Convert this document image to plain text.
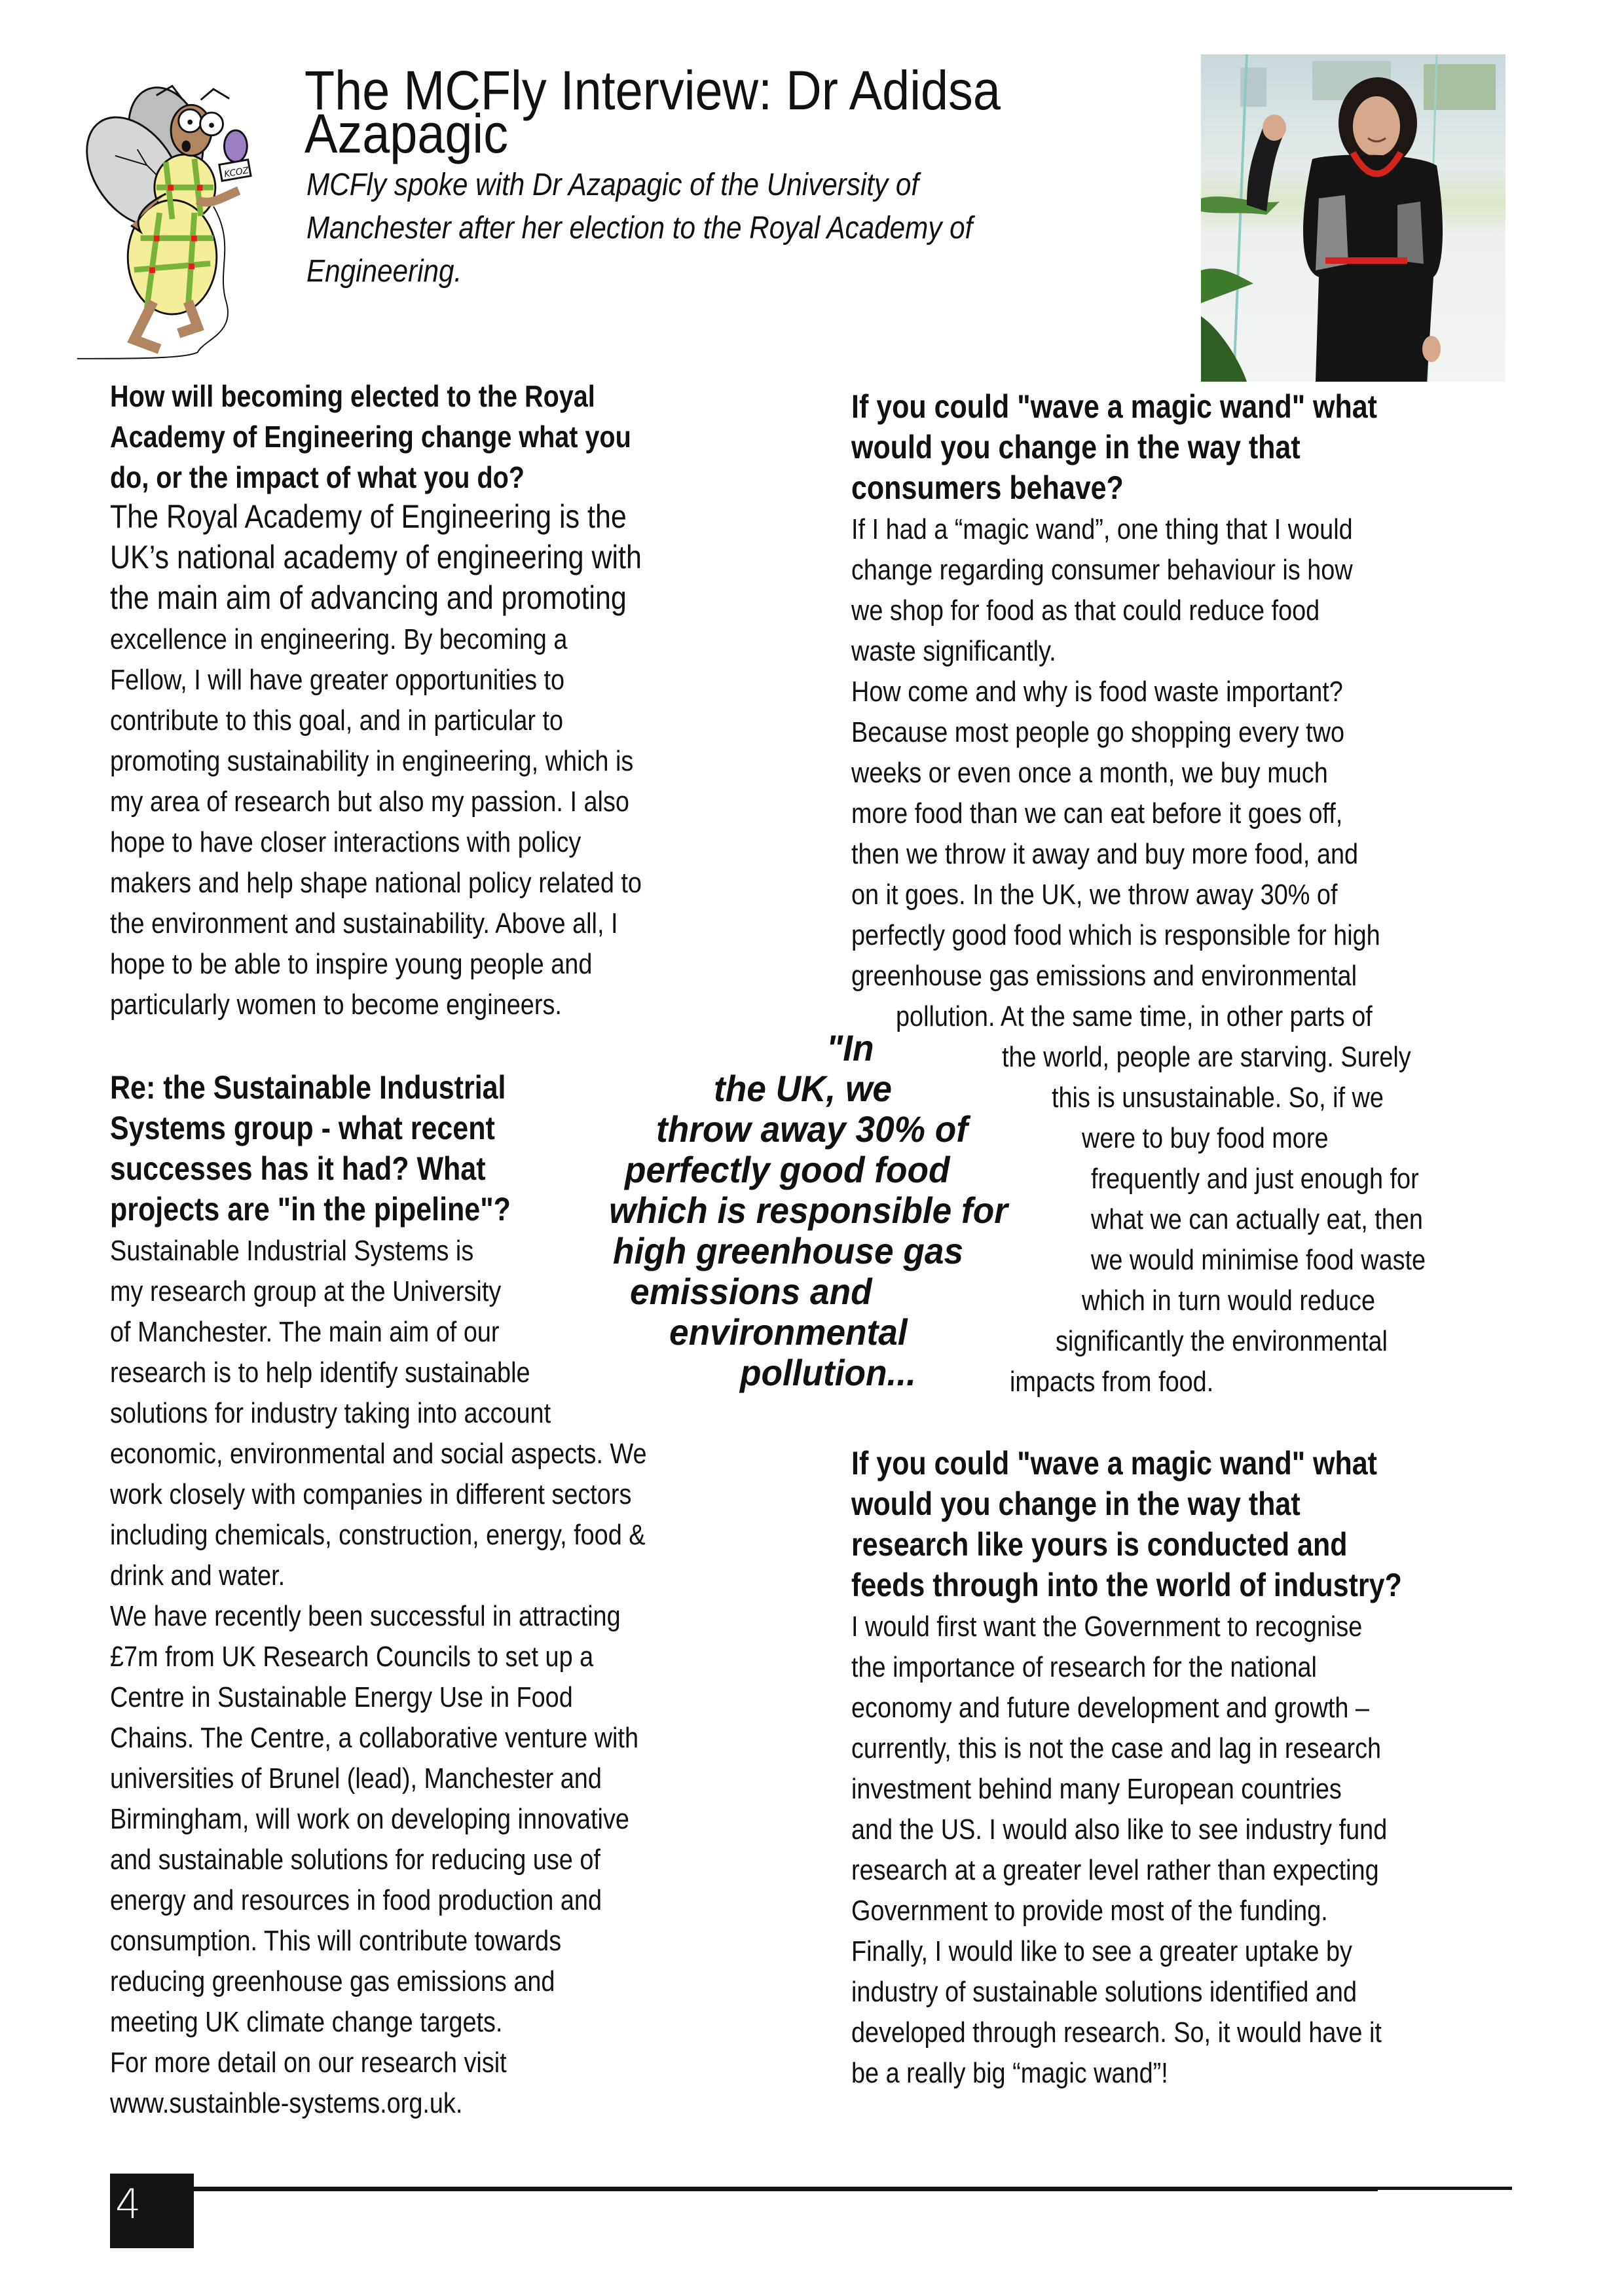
KCOZ
The MCFly Interview: Dr Adidsa
Azapagic
MCFly spoke with Dr Azapagic of the University of
Manchester after her election to the Royal Academy of
Engineering.
How will becoming elected to the Royal
Academy of Engineering change what you
do, or the impact of what you do?
The Royal Academy of Engineering is the
UK’s national academy of engineering with
the main aim of advancing and promoting
excellence in engineering. By becoming a
Fellow, I will have greater opportunities to
contribute to this goal, and in particular to
promoting sustainability in engineering, which is
my area of research but also my passion. I also
hope to have closer interactions with policy
makers and help shape national policy related to
the environment and sustainability. Above all, I
hope to be able to inspire young people and
particularly women to become engineers.
Re: the Sustainable Industrial
Systems group - what recent
successes has it had? What
projects are "in the pipeline"?
Sustainable Industrial Systems is
my research group at the University
of Manchester. The main aim of our
research is to help identify sustainable
solutions for industry taking into account
economic, environmental and social aspects. We
work closely with companies in different sectors
including chemicals, construction, energy, food &
drink and water.
We have recently been successful in attracting
£7m from UK Research Councils to set up a
Centre in Sustainable Energy Use in Food
Chains. The Centre, a collaborative venture with
universities of Brunel (lead), Manchester and
Birmingham, will work on developing innovative
and sustainable solutions for reducing use of
energy and resources in food production and
consumption. This will contribute towards
reducing greenhouse gas emissions and
meeting UK climate change targets.
For more detail on our research visit
www.sustainble-systems.org.uk.
"In
the UK, we
throw away 30% of
perfectly good food
which is responsible for
high greenhouse gas
emissions and
environmental
pollution...
If you could "wave a magic wand" what
would you change in the way that
consumers behave?
If I had a “magic wand”, one thing that I would
change regarding consumer behaviour is how
we shop for food as that could reduce food
waste significantly.
How come and why is food waste important?
Because most people go shopping every two
weeks or even once a month, we buy much
more food than we can eat before it goes off,
then we throw it away and buy more food, and
on it goes. In the UK, we throw away 30% of
perfectly good food which is responsible for high
greenhouse gas emissions and environmental
pollution. At the same time, in other parts of
the world, people are starving. Surely
this is unsustainable. So, if we
were to buy food more
frequently and just enough for
what we can actually eat, then
we would minimise food waste
which in turn would reduce
significantly the environmental
impacts from food.
If you could "wave a magic wand" what
would you change in the way that
research like yours is conducted and
feeds through into the world of industry?
I would first want the Government to recognise
the importance of research for the national
economy and future development and growth –
currently, this is not the case and lag in research
investment behind many European countries
and the US. I would also like to see industry fund
research at a greater level rather than expecting
Government to provide most of the funding.
Finally, I would like to see a greater uptake by
industry of sustainable solutions identified and
developed through research. So, it would have it
be a really big “magic wand”!
4
